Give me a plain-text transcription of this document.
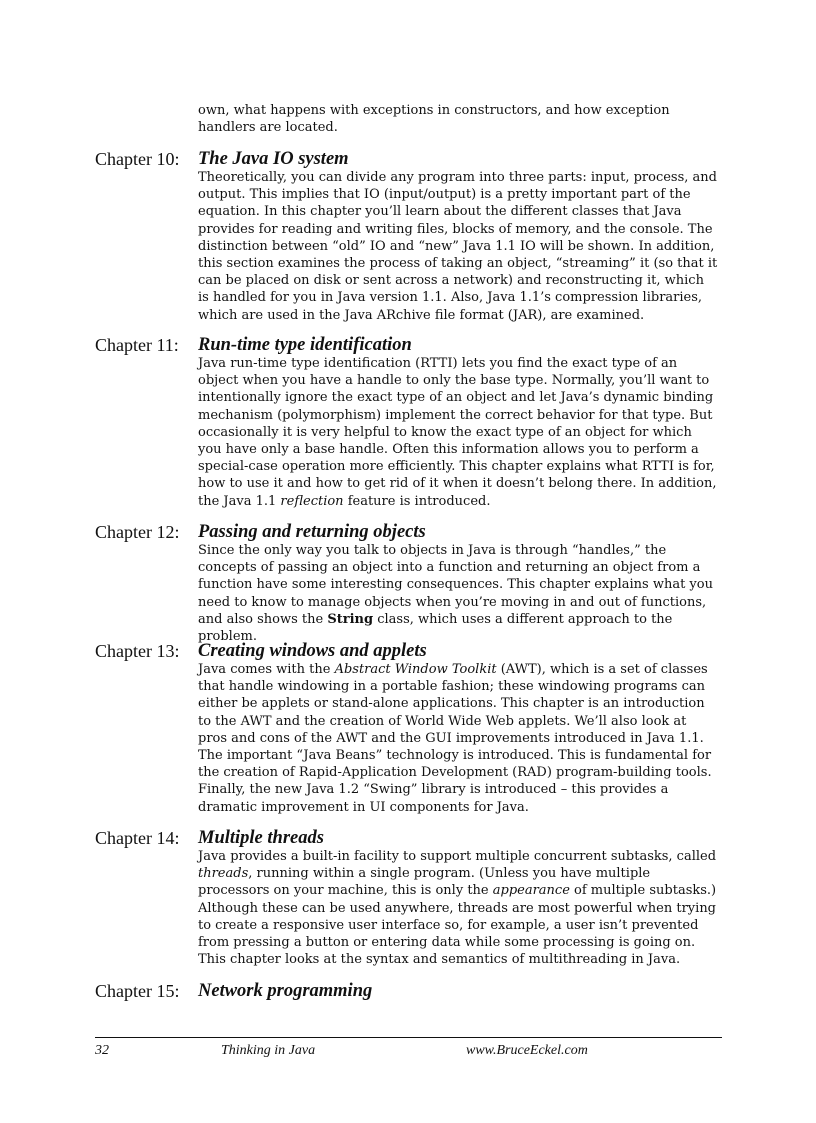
own, what happens with exceptions in constructors, and how exception handlers are located.

Chapter 10: The Java IO system

Theoretically, you can divide any program into three parts: input, process, and output. This implies that IO (input/output) is a pretty important part of the equation. In this chapter you’ll learn about the different classes that Java provides for reading and writing files, blocks of memory, and the console. The distinction between “old” IO and “new” Java 1.1 IO will be shown. In addition, this section examines the process of taking an object, “streaming” it (so that it can be placed on disk or sent across a network) and reconstructing it, which is handled for you in Java version 1.1. Also, Java 1.1’s compression libraries, which are used in the Java ARchive file format (JAR), are examined.

Chapter 11: Run-time type identification

Java run-time type identification (RTTI) lets you find the exact type of an object when you have a handle to only the base type. Normally, you’ll want to intentionally ignore the exact type of an object and let Java’s dynamic binding mechanism (polymorphism) implement the correct behavior for that type. But occasionally it is very helpful to know the exact type of an object for which you have only a base handle. Often this information allows you to perform a special-case operation more efficiently. This chapter explains what RTTI is for, how to use it and how to get rid of it when it doesn’t belong there. In addition, the Java 1.1 reflection feature is introduced.

Chapter 12: Passing and returning objects

Since the only way you talk to objects in Java is through “handles,” the concepts of passing an object into a function and returning an object from a function have some interesting consequences. This chapter explains what you need to know to manage objects when you’re moving in and out of functions, and also shows the String class, which uses a different approach to the problem.

Chapter 13: Creating windows and applets

Java comes with the Abstract Window Toolkit (AWT), which is a set of classes that handle windowing in a portable fashion; these windowing programs can either be applets or stand-alone applications. This chapter is an introduction to the AWT and the creation of World Wide Web applets. We’ll also look at pros and cons of the AWT and the GUI improvements introduced in Java 1.1. The important “Java Beans” technology is introduced. This is fundamental for the creation of Rapid-Application Development (RAD) program-building tools. Finally, the new Java 1.2 “Swing” library is introduced – this provides a dramatic improvement in UI components for Java.

Chapter 14: Multiple threads

Java provides a built-in facility to support multiple concurrent subtasks, called threads, running within a single program. (Unless you have multiple processors on your machine, this is only the appearance of multiple subtasks.) Although these can be used anywhere, threads are most powerful when trying to create a responsive user interface so, for example, a user isn’t prevented from pressing a button or entering data while some processing is going on. This chapter looks at the syntax and semantics of multithreading in Java.

Chapter 15: Network programming
32	Thinking in Java	www.BruceEckel.com
